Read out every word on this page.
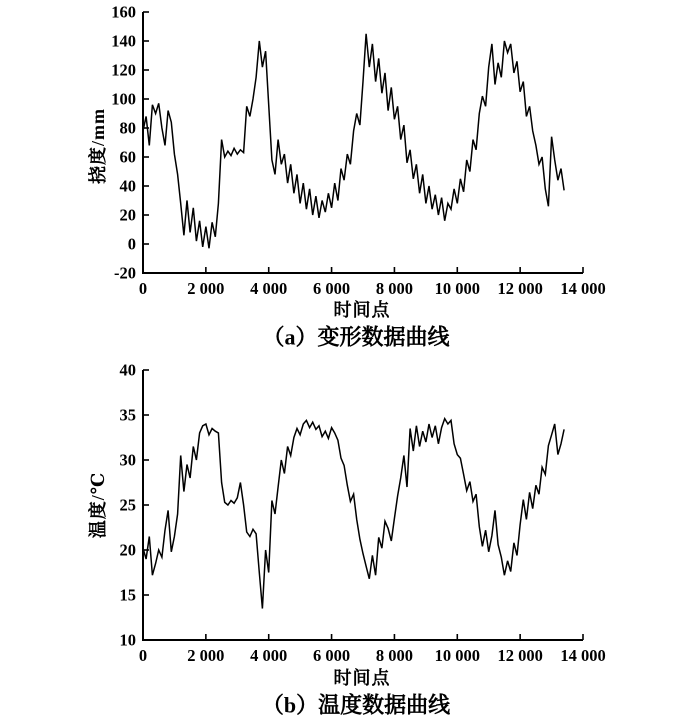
-20
0
20
40
60
80
100
120
140
160
0 2 000 4 000 6 000 8 000 10 000 12 000 14 000
挠度/mm
时间点
（a）变形数据曲线
10
15
20
25
30
35
40
0 2 000 4 000 6 000 8 000 10 000 12 000 14 000
温度/℃
时间点
（b）温度数据曲线
